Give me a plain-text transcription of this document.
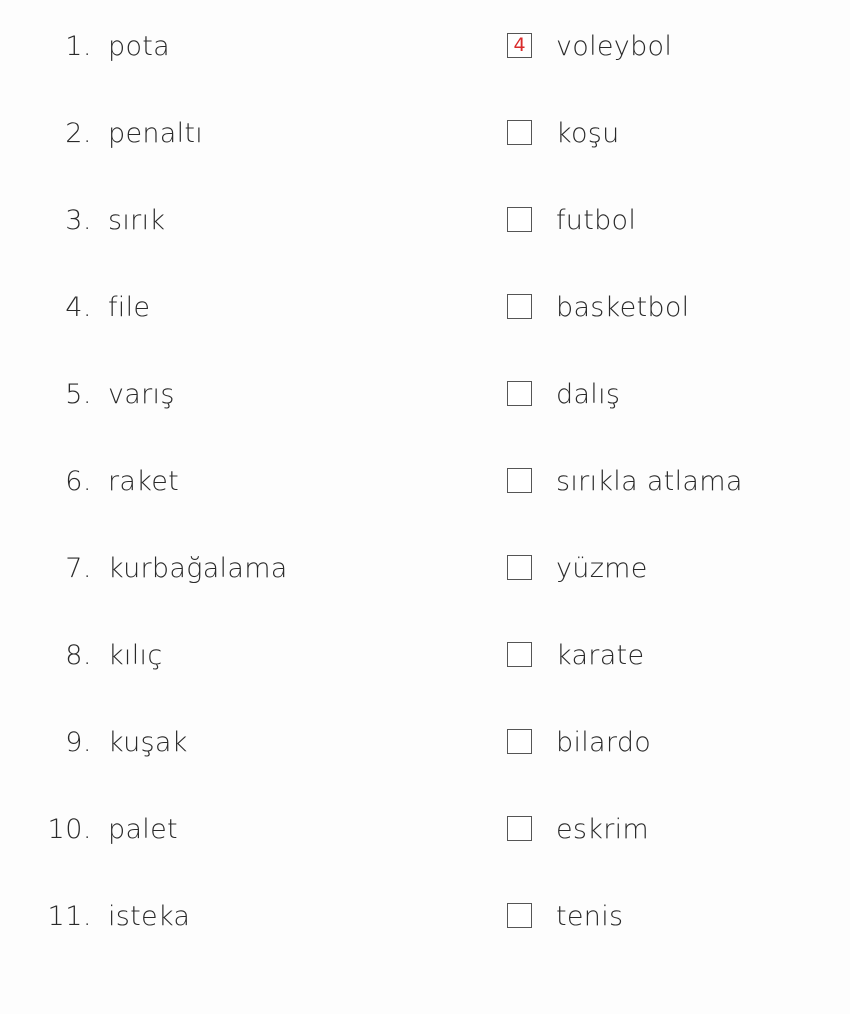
1. pota	4 voleybol
2. penaltı	koşu
3. sırık	futbol
4. file	basketbol
5. varış	dalış
6. raket	sırıkla atlama
7. kurbağalama	yüzme
8. kılıç	karate
9. kuşak	bilardo
10. palet	eskrim
11. isteka	tenis
